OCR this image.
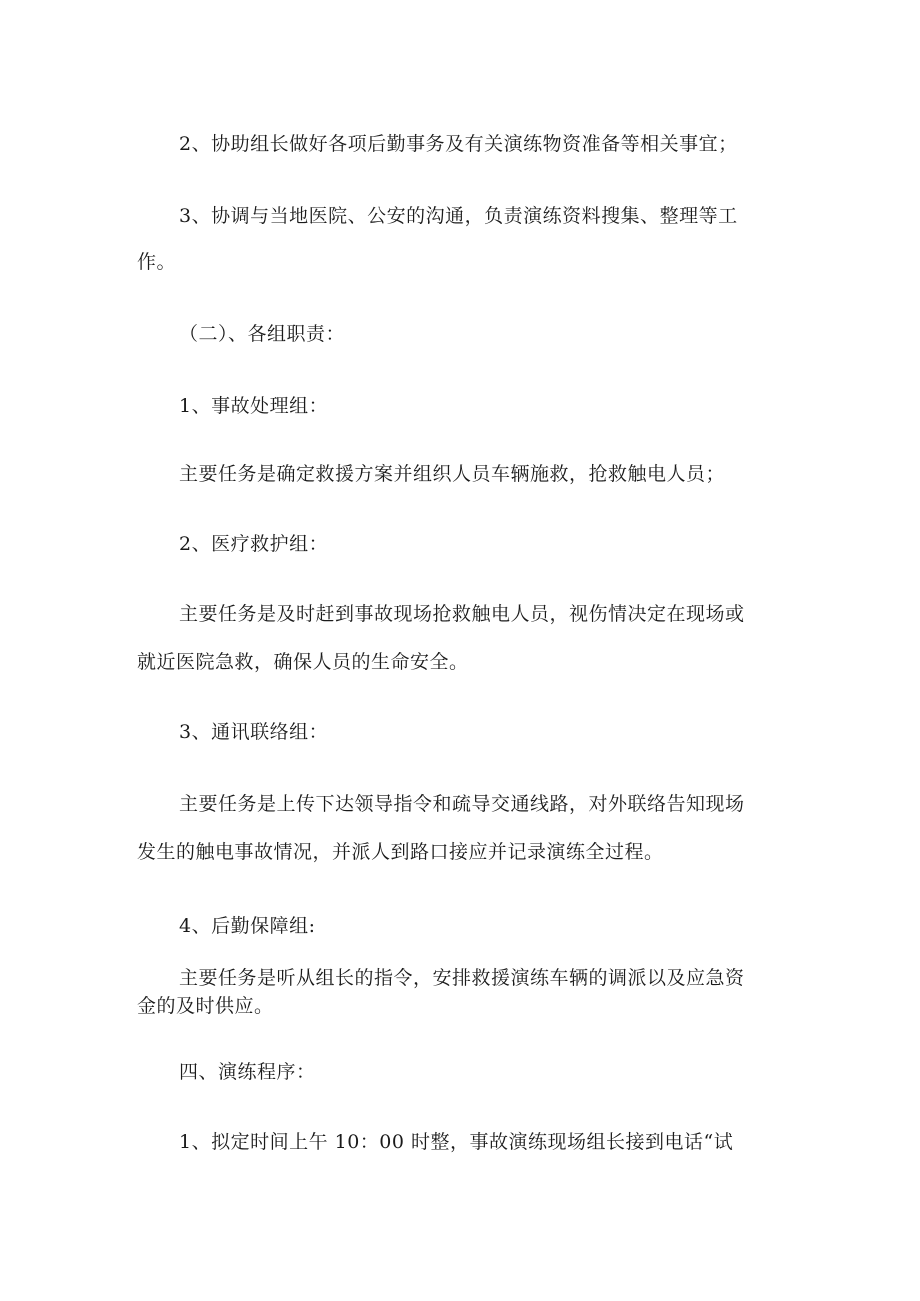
2、协助组长做好各项后勤事务及有关演练物资准备等相关事宜；
3、协调与当地医院、公安的沟通，负责演练资料搜集、整理等工
作。
（二）、各组职责：
1、事故处理组：
主要任务是确定救援方案并组织人员车辆施救，抢救触电人员；
2、医疗救护组：
主要任务是及时赶到事故现场抢救触电人员，视伤情决定在现场或
就近医院急救，确保人员的生命安全。
3、通讯联络组：
主要任务是上传下达领导指令和疏导交通线路，对外联络告知现场
发生的触电事故情况，并派人到路口接应并记录演练全过程。
4、后勤保障组:
主要任务是听从组长的指令，安排救援演练车辆的调派以及应急资
金的及时供应。
四、演练程序：
1、拟定时间上午 10：00 时整，事故演练现场组长接到电话“试
